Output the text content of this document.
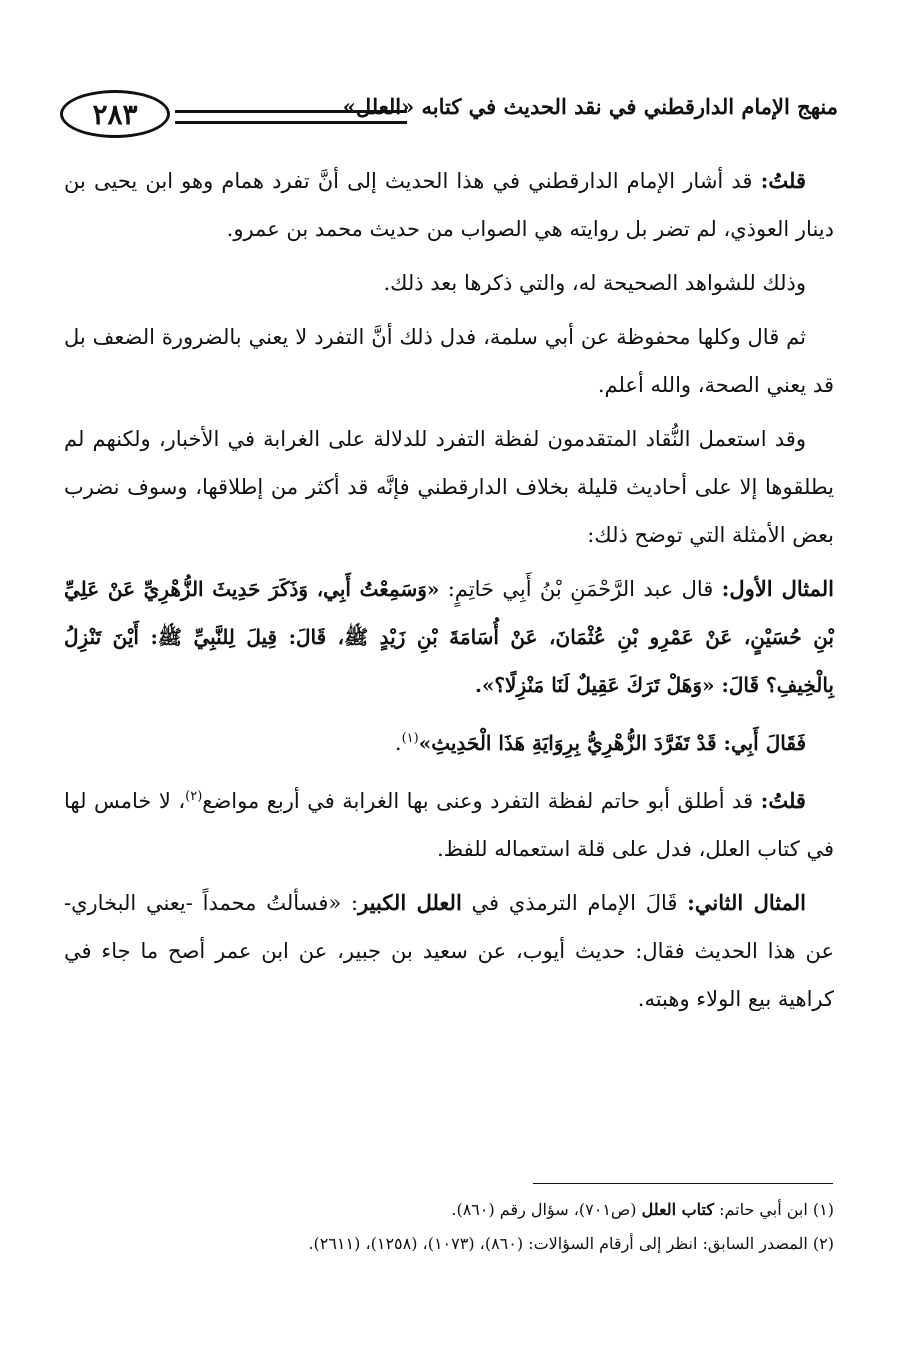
٢٨٣	منهج الإمام الدارقطني في نقد الحديث في كتابه «العلل»

قلتُ: قد أشار الإمام الدارقطني في هذا الحديث إلى أنَّ تفرد همام وهو ابن يحيى بن دينار العوذي، لم تضر بل روايته هي الصواب من حديث محمد بن عمرو.

وذلك للشواهد الصحيحة له، والتي ذكرها بعد ذلك.

ثم قال وكلها محفوظة عن أبي سلمة، فدل ذلك أنَّ التفرد لا يعني بالضرورة الضعف بل قد يعني الصحة، والله أعلم.

وقد استعمل النُّقاد المتقدمون لفظة التفرد للدلالة على الغرابة في الأخبار، ولكنهم لم يطلقوها إلا على أحاديث قليلة بخلاف الدارقطني فإنَّه قد أكثر من إطلاقها، وسوف نضرب بعض الأمثلة التي توضح ذلك:

المثال الأول: قال عبد الرَّحْمَنِ بْنُ أَبِي حَاتِمٍ: «وَسَمِعْتُ أَبِي، وَذَكَرَ حَدِيثَ الزُّهْرِيِّ عَنْ عَلِيِّ بْنِ حُسَيْنٍ، عَنْ عَمْرِو بْنِ عُثْمَانَ، عَنْ أُسَامَةَ بْنِ زَيْدٍ ﷺ، قَالَ: قِيلَ لِلنَّبِيِّ ﷺ: أَيْنَ تَنْزِلُ بِالْخِيفِ؟ قَالَ: «وَهَلْ تَرَكَ عَقِيلٌ لَنَا مَنْزِلًا؟».

فَقَالَ أَبِي: قَدْ تَفَرَّدَ الزُّهْرِيُّ بِرِوَايَةِ هَذَا الْحَدِيثِ»$^{(١)}$.

قلتُ: قد أطلق أبو حاتم لفظة التفرد وعنى بها الغرابة في أربع مواضع$^{(٢)}$، لا خامس لها في كتاب العلل، فدل على قلة استعماله للفظ.

المثال الثاني: قَالَ الإمام الترمذي في العلل الكبير: «فسألتُ محمداً -يعني البخاري- عن هذا الحديث فقال: حديث أيوب، عن سعيد بن جبير، عن ابن عمر أصح ما جاء في كراهية بيع الولاء وهبته.

(١) ابن أبي حاتم: كتاب العلل (ص٧٠١)، سؤال رقم (٨٦٠).

(٢) المصدر السابق: انظر إلى أرقام السؤالات: (٨٦٠)، (١٠٧٣)، (١٢٥٨)، (٢٦١١).
